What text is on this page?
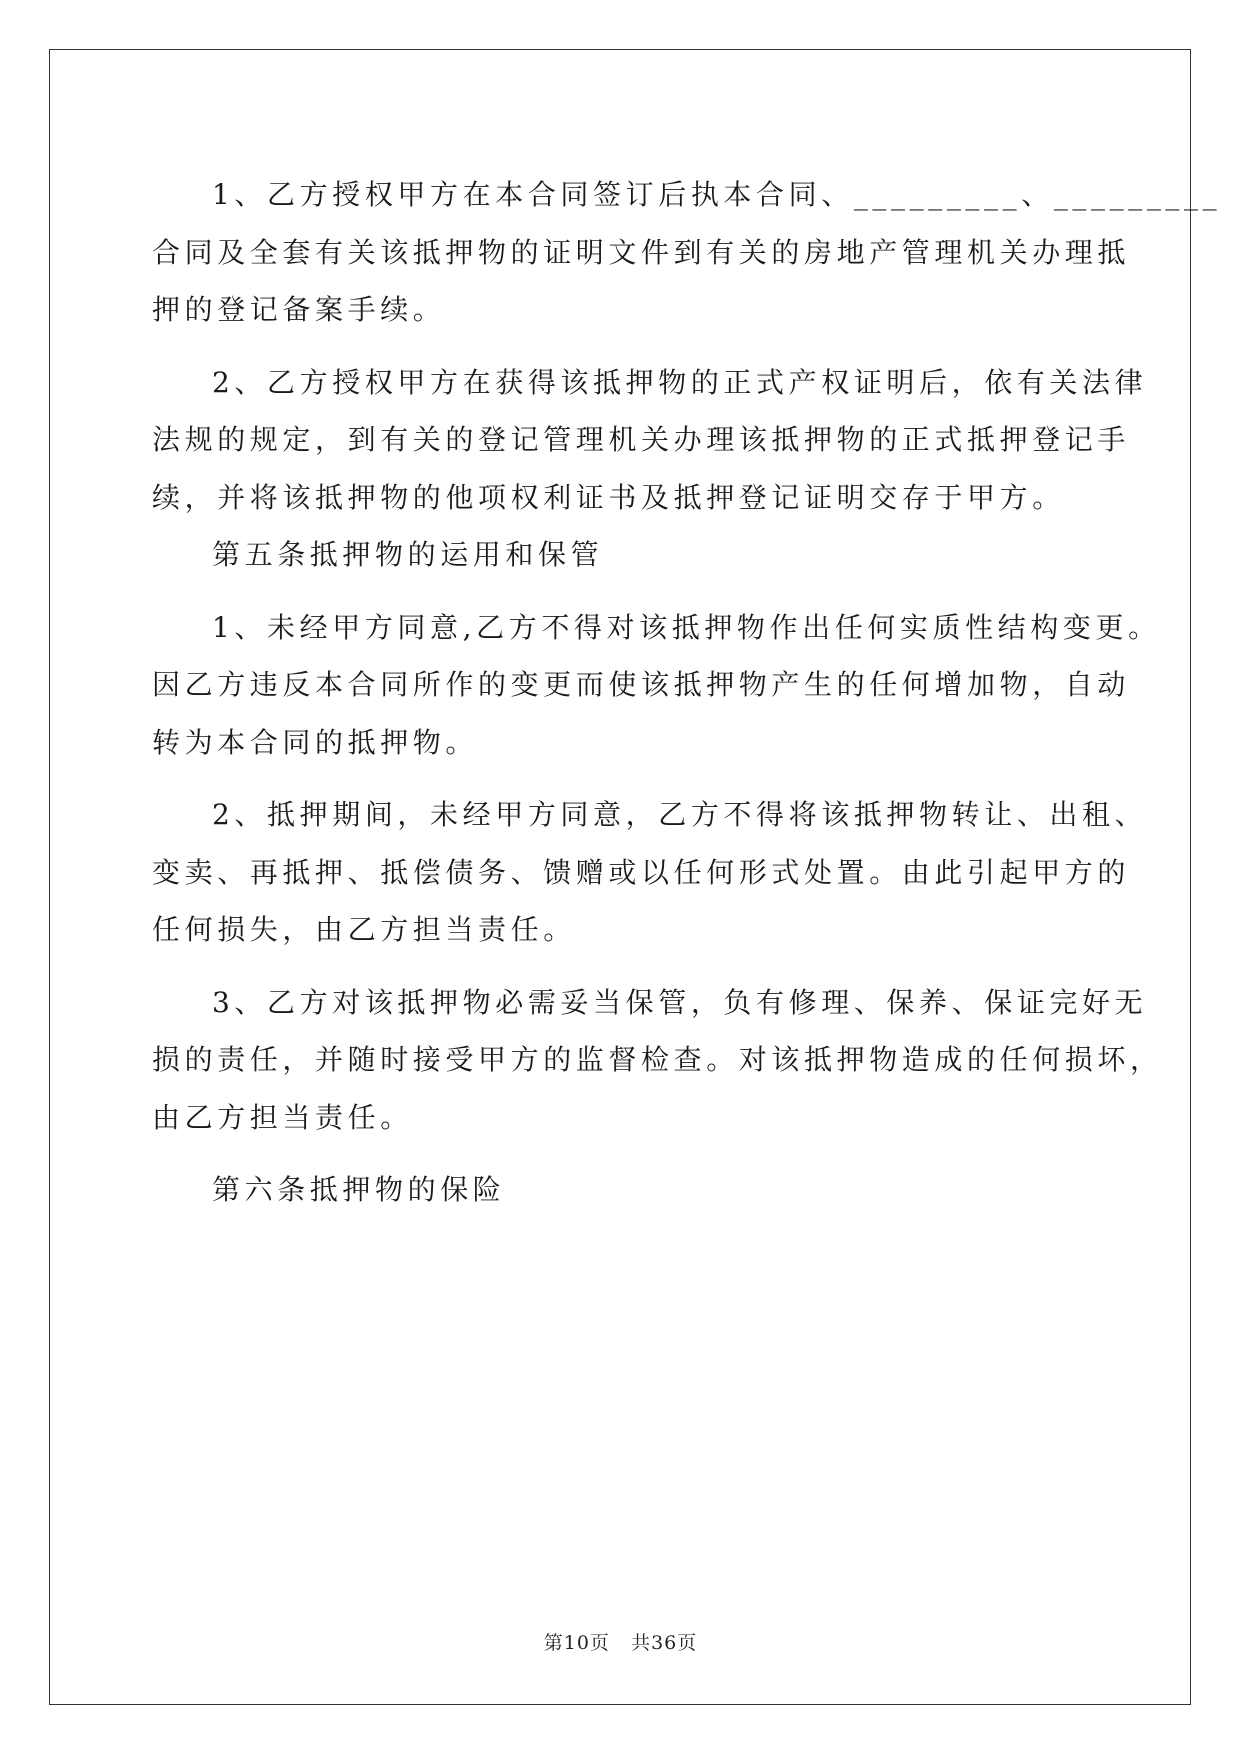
1、乙方授权甲方在本合同签订后执本合同、_________、_________
合同及全套有关该抵押物的证明文件到有关的房地产管理机关办理抵
押的登记备案手续。
2、乙方授权甲方在获得该抵押物的正式产权证明后，依有关法律
法规的规定，到有关的登记管理机关办理该抵押物的正式抵押登记手
续，并将该抵押物的他项权利证书及抵押登记证明交存于甲方。
第五条抵押物的运用和保管
1、未经甲方同意,乙方不得对该抵押物作出任何实质性结构变更。
因乙方违反本合同所作的变更而使该抵押物产生的任何增加物，自动
转为本合同的抵押物。
2、抵押期间，未经甲方同意，乙方不得将该抵押物转让、出租、
变卖、再抵押、抵偿债务、馈赠或以任何形式处置。由此引起甲方的
任何损失，由乙方担当责任。
3、乙方对该抵押物必需妥当保管，负有修理、保养、保证完好无
损的责任，并随时接受甲方的监督检查。对该抵押物造成的任何损坏，
由乙方担当责任。
第六条抵押物的保险
第10页 共36页
